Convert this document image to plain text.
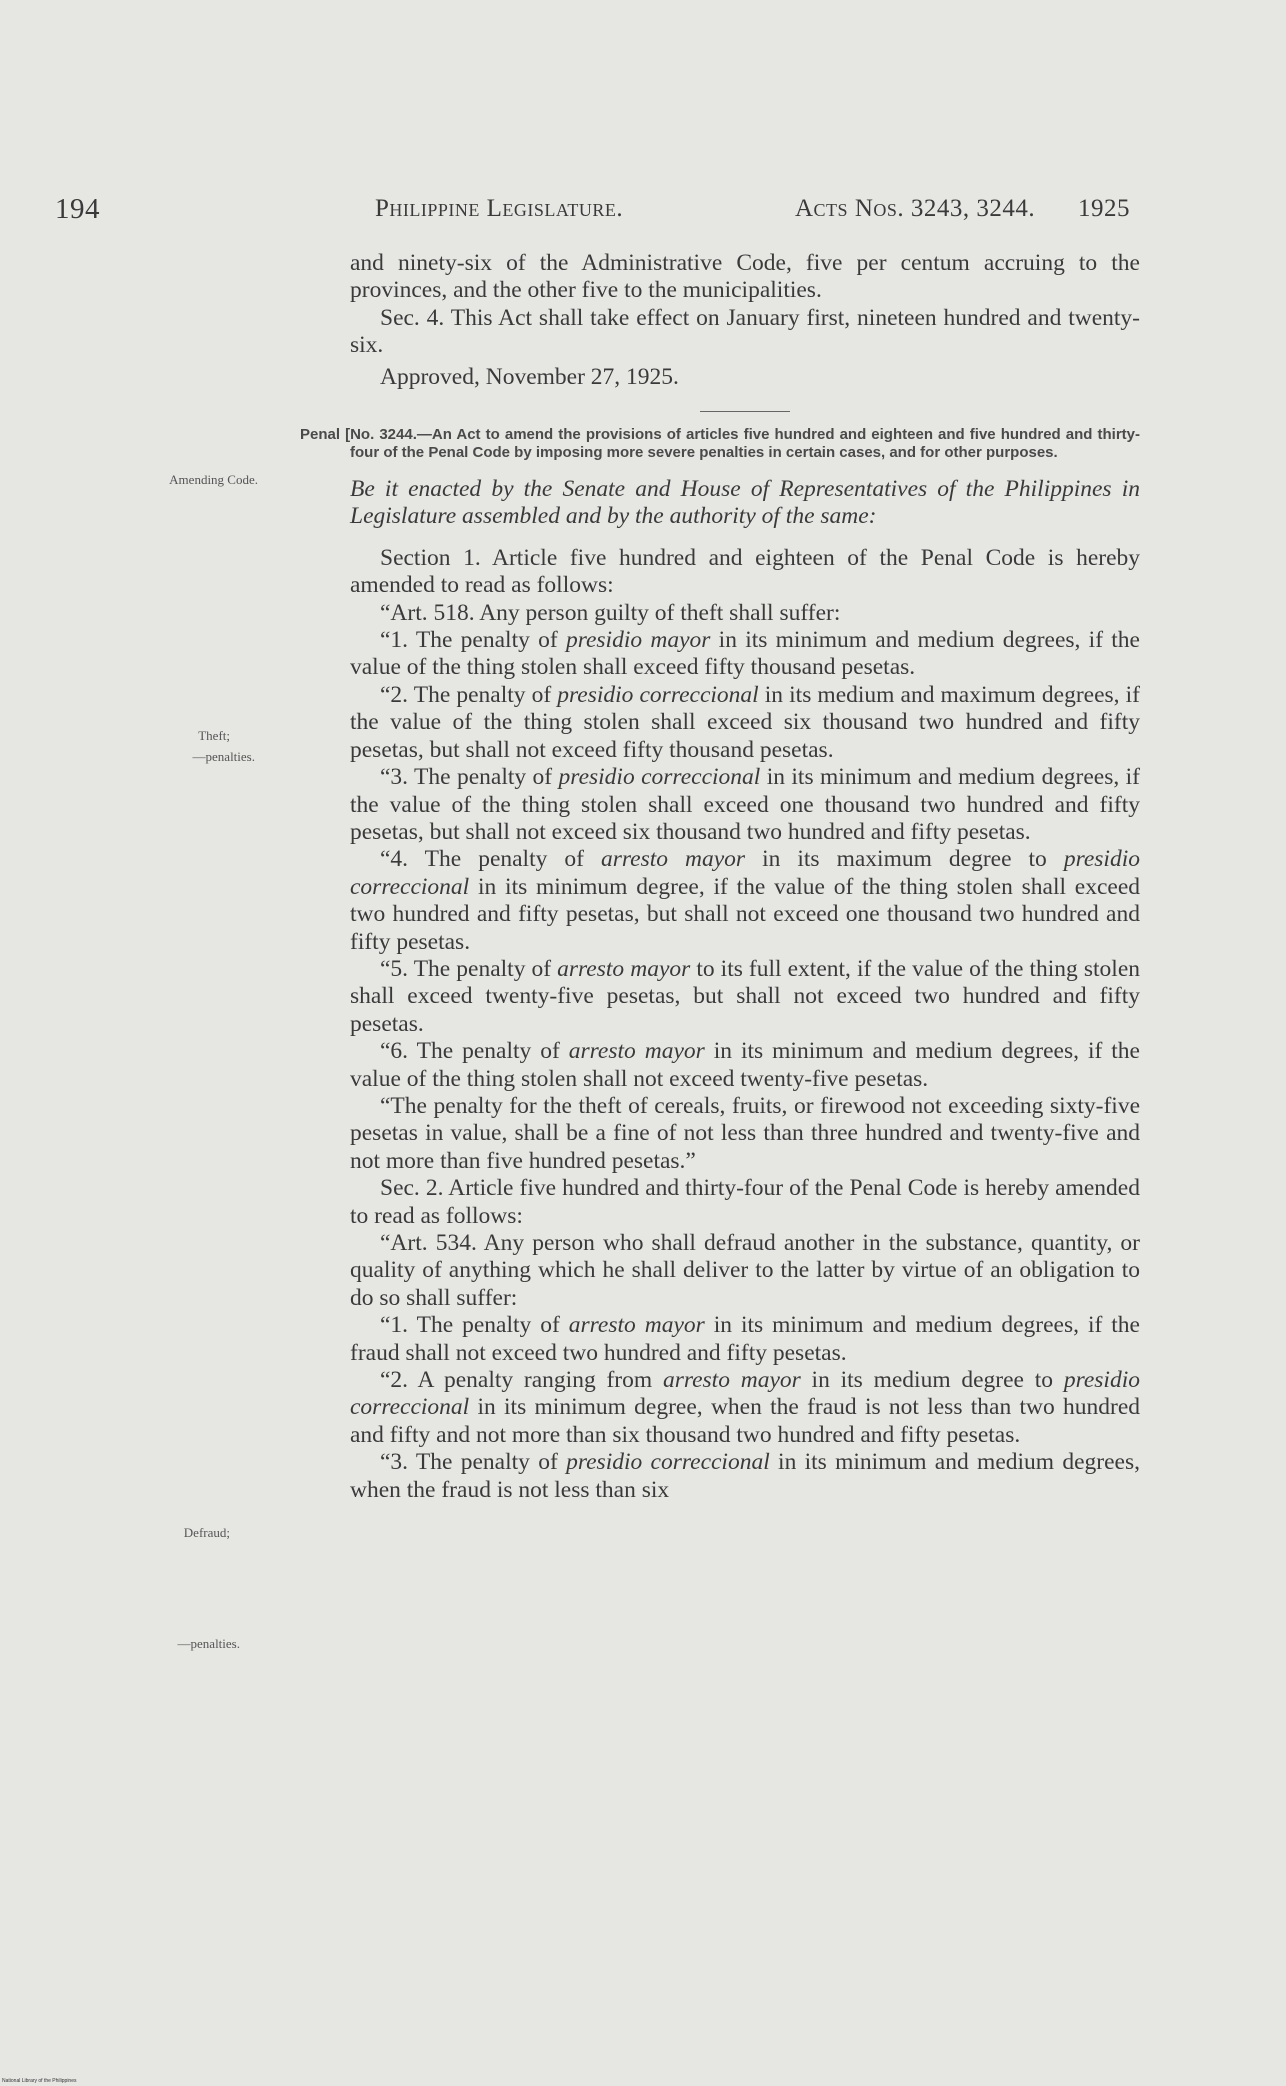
194	Philippine Legislature.	Acts Nos. 3243, 3244. 1925
Amending Code.
Theft;
—penalties.
Defraud;
—penalties.

and ninety-six of the Administrative Code, five per centum accruing to the provinces, and the other five to the municipalities.

Sec. 4. This Act shall take effect on January first, nineteen hundred and twenty-six.

Approved, November 27, 1925.

Penal [No. 3244.—An Act to amend the provisions of articles five hundred and eighteen and five hundred and thirty-four of the Penal Code by imposing more severe penalties in certain cases, and for other purposes.

Be it enacted by the Senate and House of Representatives of the Philippines in Legislature assembled and by the authority of the same:

Section 1. Article five hundred and eighteen of the Penal Code is hereby amended to read as follows:

“Art. 518. Any person guilty of theft shall suffer:

“1. The penalty of presidio mayor in its minimum and medium degrees, if the value of the thing stolen shall exceed fifty thousand pesetas.

“2. The penalty of presidio correccional in its medium and maximum degrees, if the value of the thing stolen shall exceed six thousand two hundred and fifty pesetas, but shall not exceed fifty thousand pesetas.

“3. The penalty of presidio correccional in its minimum and medium degrees, if the value of the thing stolen shall exceed one thousand two hundred and fifty pesetas, but shall not exceed six thousand two hundred and fifty pesetas.

“4. The penalty of arresto mayor in its maximum degree to presidio correccional in its minimum degree, if the value of the thing stolen shall exceed two hundred and fifty pesetas, but shall not exceed one thousand two hundred and fifty pesetas.

“5. The penalty of arresto mayor to its full extent, if the value of the thing stolen shall exceed twenty-five pesetas, but shall not exceed two hundred and fifty pesetas.

“6. The penalty of arresto mayor in its minimum and medium degrees, if the value of the thing stolen shall not exceed twenty-five pesetas.

“The penalty for the theft of cereals, fruits, or firewood not exceeding sixty-five pesetas in value, shall be a fine of not less than three hundred and twenty-five and not more than five hundred pesetas.”

Sec. 2. Article five hundred and thirty-four of the Penal Code is hereby amended to read as follows:

“Art. 534. Any person who shall defraud another in the substance, quantity, or quality of anything which he shall deliver to the latter by virtue of an obligation to do so shall suffer:

“1. The penalty of arresto mayor in its minimum and medium degrees, if the fraud shall not exceed two hundred and fifty pesetas.

“2. A penalty ranging from arresto mayor in its medium degree to presidio correccional in its minimum degree, when the fraud is not less than two hundred and fifty and not more than six thousand two hundred and fifty pesetas.

“3. The penalty of presidio correccional in its minimum and medium degrees, when the fraud is not less than six

National Library of the Philippines
